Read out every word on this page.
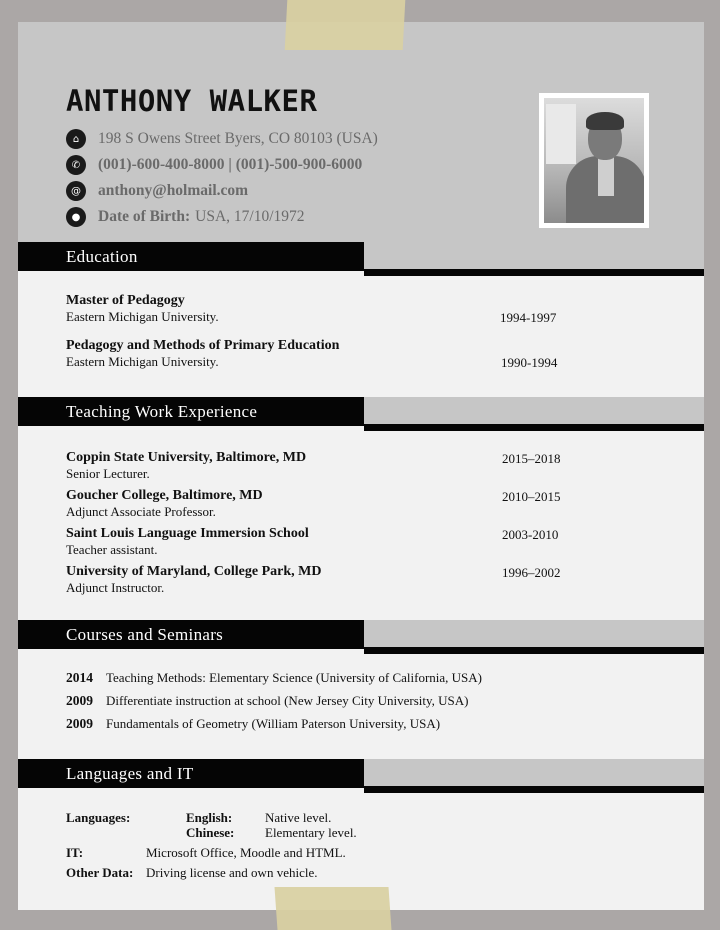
ANTHONY WALKER
⌂	198 S Owens Street Byers, CO 80103 (USA)
✆	(001)-600-400-8000 | (001)-500-900-6000
@	anthony@holmail.com
●	Date of Birth: USA, 17/10/1972
Education
Master of Pedagogy
Eastern Michigan University.	1994-1997
Pedagogy and Methods of Primary Education
Eastern Michigan University.	1990-1994
Teaching Work Experience
Coppin State University, Baltimore, MD
Senior Lecturer.
2015–2018
Goucher College, Baltimore, MD
Adjunct Associate Professor.
2010–2015
Saint Louis Language Immersion School
Teacher assistant.
2003-2010
University of Maryland, College Park, MD
Adjunct Instructor.
1996–2002
Courses and Seminars
2014	Teaching Methods: Elementary Science (University of California, USA)
2009	Differentiate instruction at school (New Jersey City University, USA)
2009	Fundamentals of Geometry (William Paterson University, USA)
Languages and IT
Languages:	English:	Native level.
Chinese: Elementary level.
IT:	Microsoft Office, Moodle and HTML.
Other Data: Driving license and own vehicle.
